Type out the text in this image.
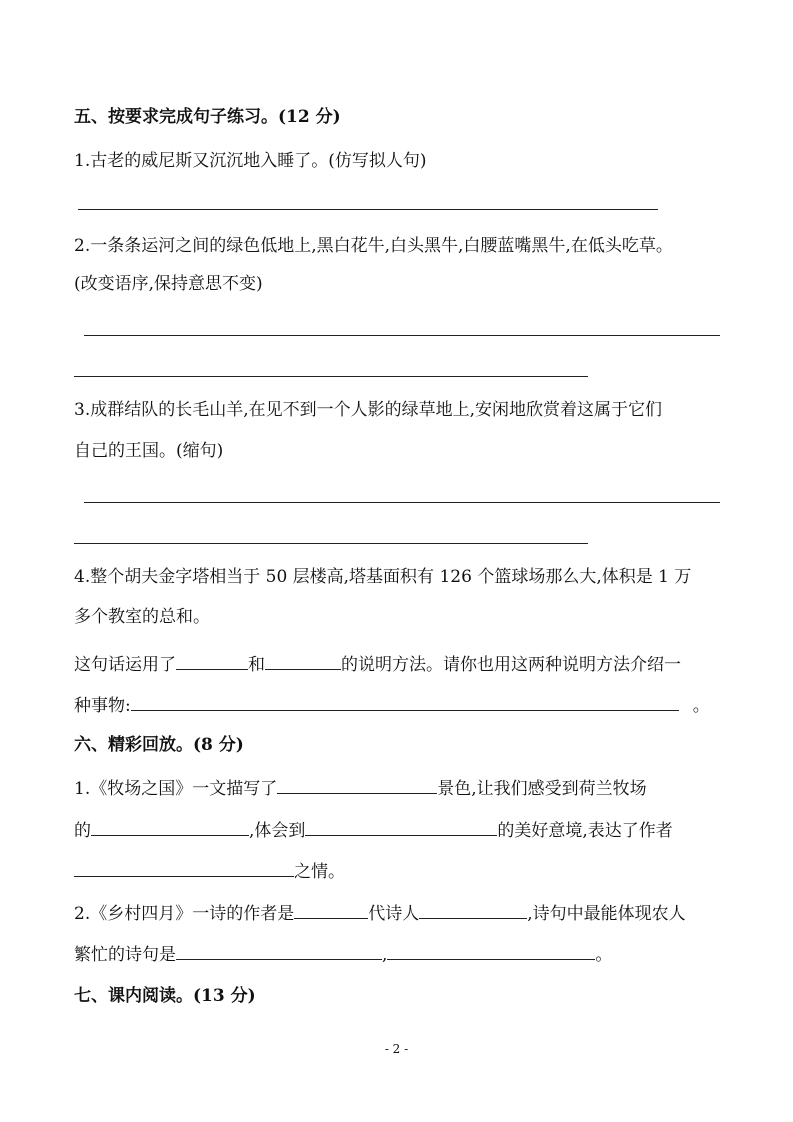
五、按要求完成句子练习。(12 分)
1.古老的威尼斯又沉沉地入睡了。(仿写拟人句)
2.一条条运河之间的绿色低地上,黑白花牛,白头黑牛,白腰蓝嘴黑牛,在低头吃草。
(改变语序,保持意思不变)
3.成群结队的长毛山羊,在见不到一个人影的绿草地上,安闲地欣赏着这属于它们
自己的王国。(缩句)
4.整个胡夫金字塔相当于 50 层楼高,塔基面积有 126 个篮球场那么大,体积是 1 万
多个教室的总和。
这句话运用了	和	的说明方法。请你也用这两种说明方法介绍一
种事物:	。
六、精彩回放。(8 分)
1.《牧场之国》一文描写了	景色,让我们感受到荷兰牧场
的	,体会到	的美好意境,表达了作者
之情。
2.《乡村四月》一诗的作者是	代诗人	,诗句中最能体现农人
繁忙的诗句是	,	。
七、课内阅读。(13 分)
- 2 -
